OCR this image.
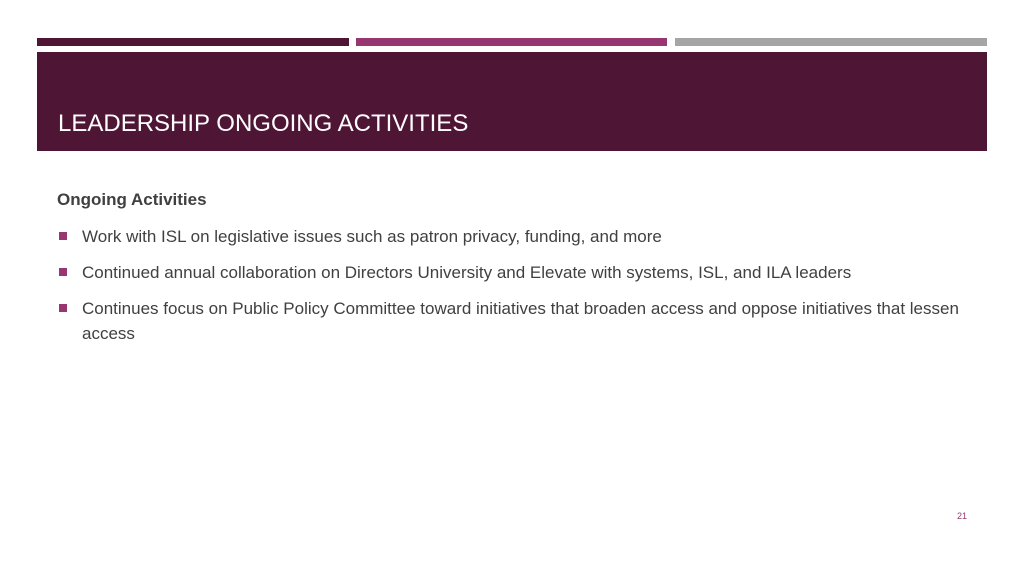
LEADERSHIP ONGOING ACTIVITIES

Ongoing Activities

Work with ISL on legislative issues such as patron privacy, funding, and more
Continued annual collaboration on Directors University and Elevate with systems, ISL, and ILA leaders
Continues focus on Public Policy Committee toward initiatives that broaden access and oppose initiatives that lessen access
21
